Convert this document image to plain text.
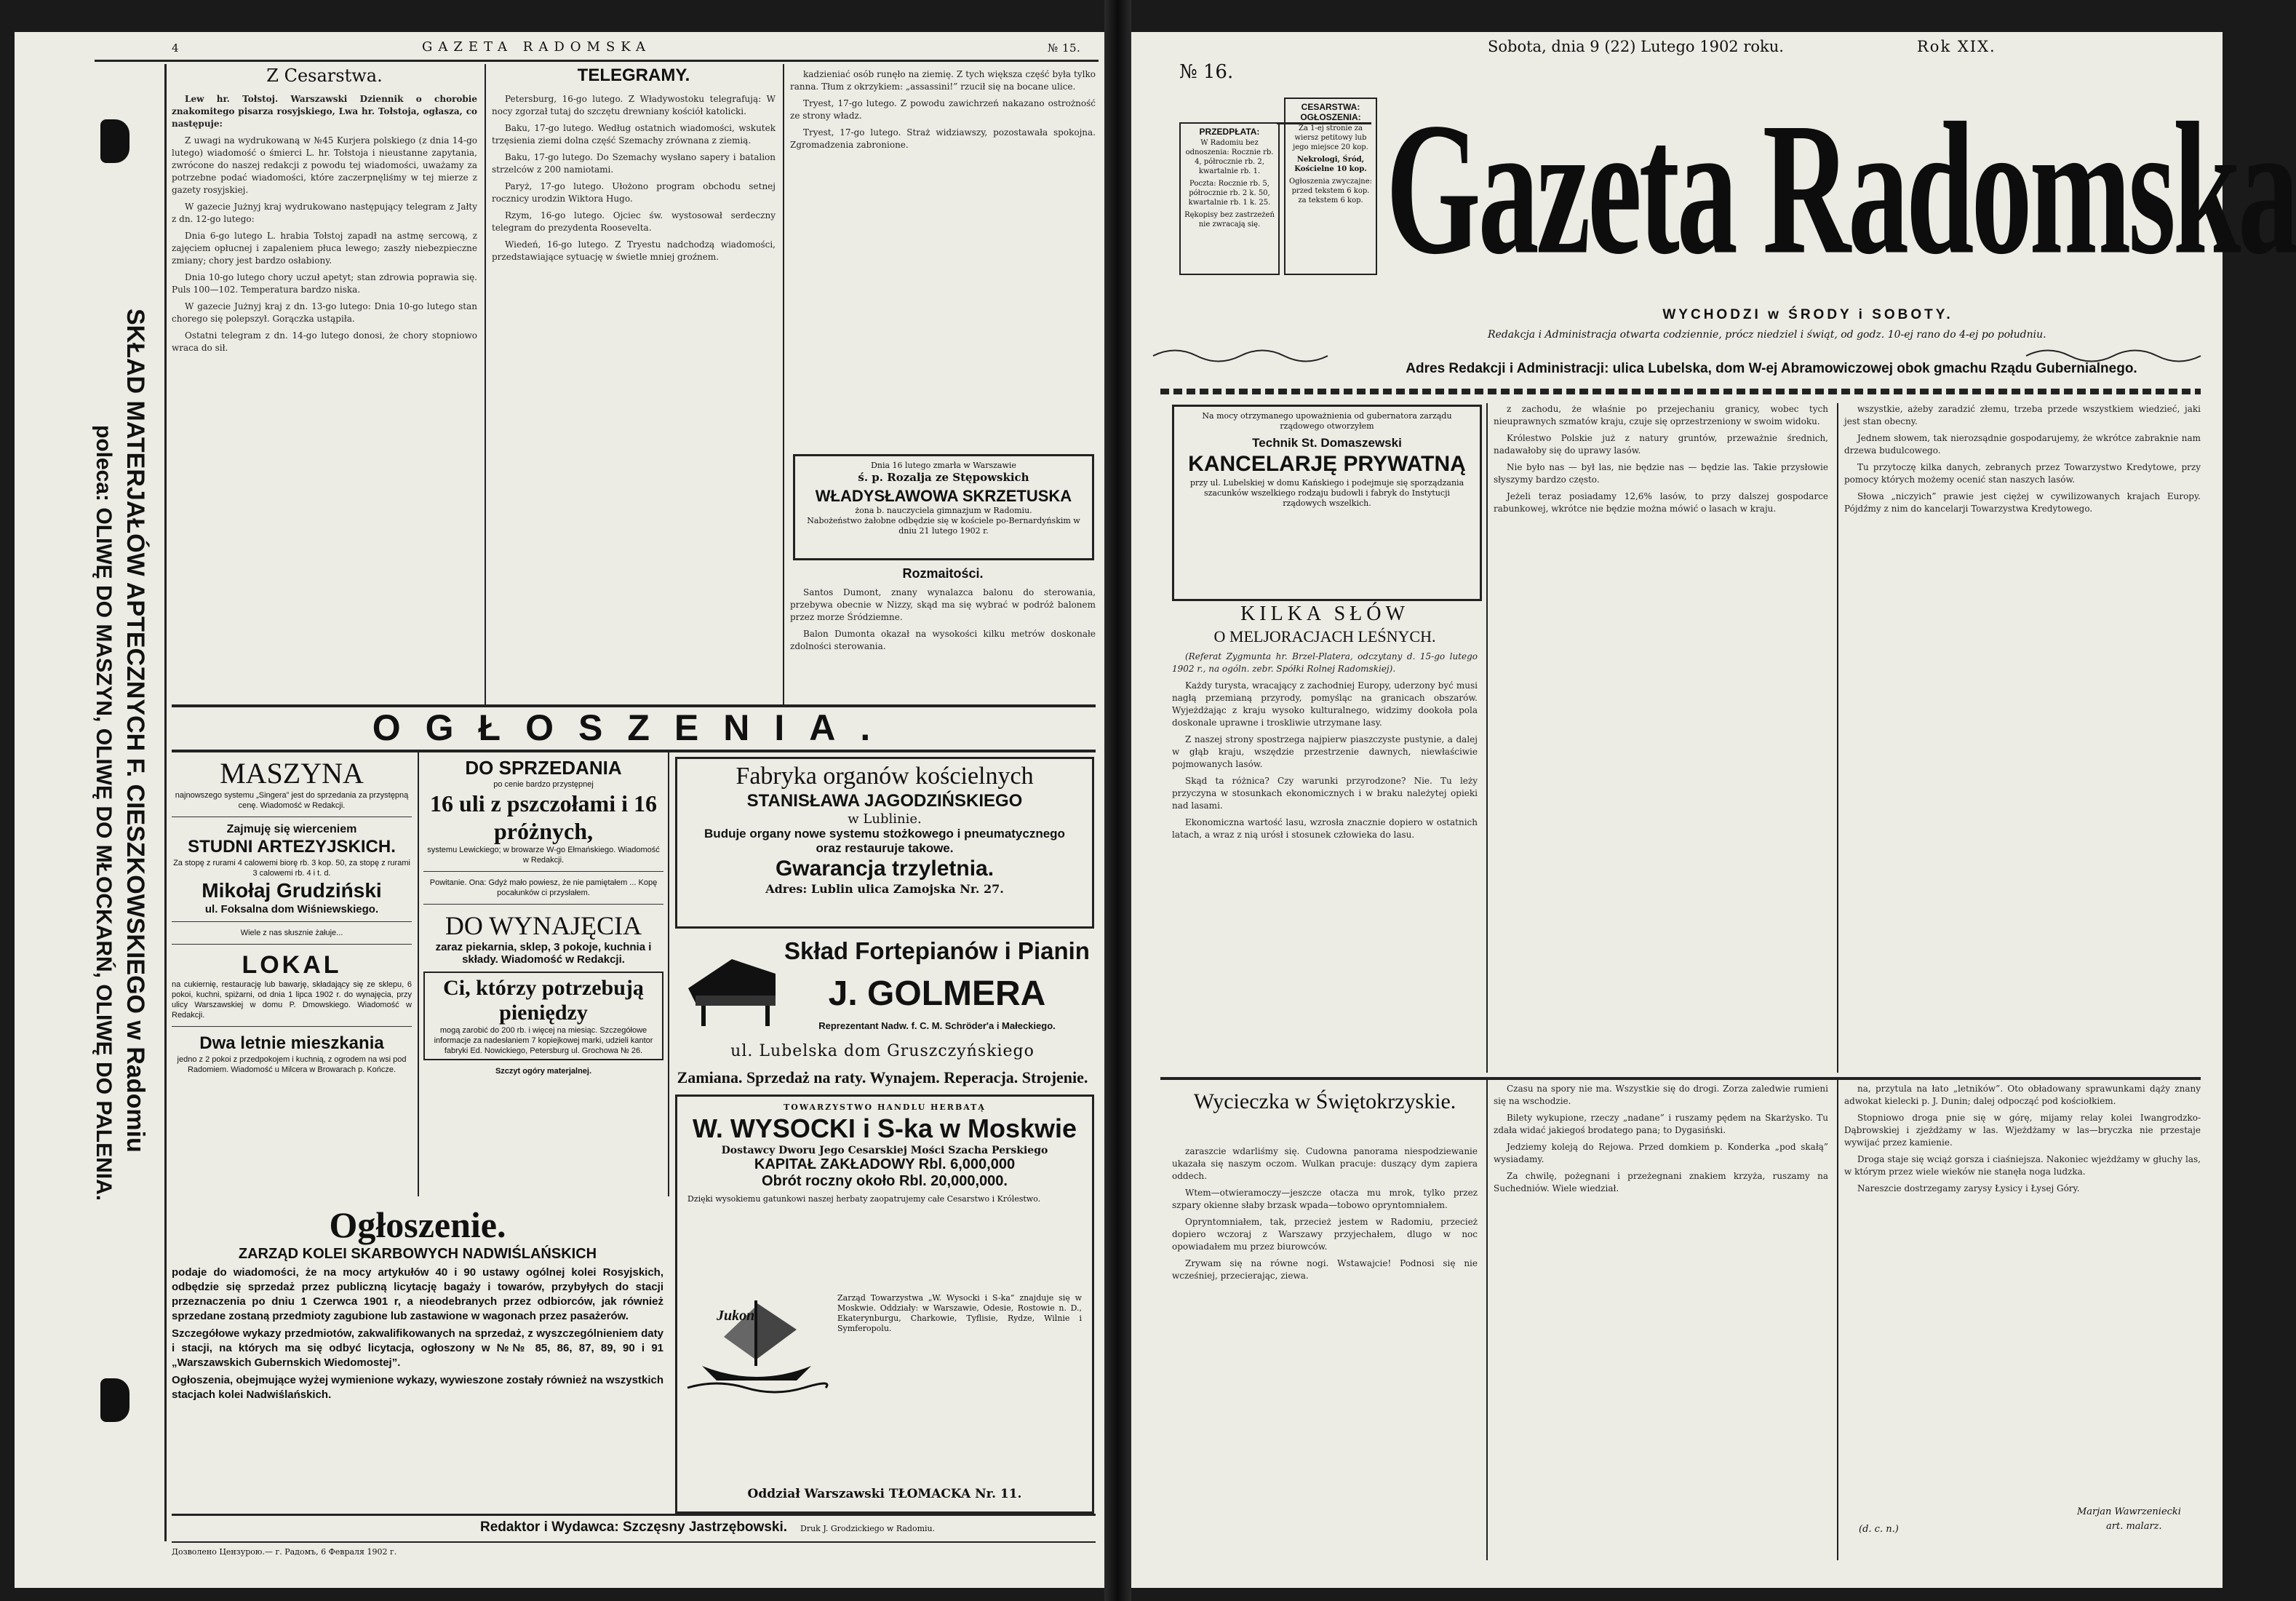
4	GAZETA RADOMSKA	№ 15.
SKŁAD MATERJAŁÓW APTECZNYCH F. CIESZKOWSKIEGO w Radomiu
poleca: OLIWĘ DO MASZYN, OLIWĘ DO MŁOCKARŃ, OLIWĘ DO PALENIA.
Z Cesarstwa.

Lew hr. Tołstoj. Warszawski Dziennik o chorobie znakomitego pisarza rosyjskiego, Lwa hr. Tołstoja, ogłasza, co następuje:

Z uwagi na wydrukowaną w №45 Kurjera polskiego (z dnia 14-go lutego) wiadomość o śmierci L. hr. Tołstoja i nieustanne zapytania, zwrócone do naszej redakcji z powodu tej wiadomości, uważamy za potrzebne podać wiadomości, które zaczerpnęliśmy w tej mierze z gazety rosyjskiej.

W gazecie Jużnyj kraj wydrukowano następujący telegram z Jałty z dn. 12-go lutego:

Dnia 6-go lutego L. hrabia Tołstoj zapadł na astmę sercową, z zajęciem opłucnej i zapaleniem płuca lewego; zaszły niebezpieczne zmiany; chory jest bardzo osłabiony.

Dnia 10-go lutego chory uczuł apetyt; stan zdrowia poprawia się. Puls 100—102. Temperatura bardzo niska.

W gazecie Jużnyj kraj z dn. 13-go lutego: Dnia 10-go lutego stan chorego się polepszył. Gorączka ustąpiła.

Ostatni telegram z dn. 14-go lutego donosi, że chory stopniowo wraca do sił.

TELEGRAMY.

Petersburg, 16-go lutego. Z Władywostoku telegrafują: W nocy zgorzał tutaj do szczętu drewniany kościół katolicki.

Baku, 17-go lutego. Według ostatnich wiadomości, wskutek trzęsienia ziemi dolna część Szemachy zrównana z ziemią.

Baku, 17-go lutego. Do Szemachy wysłano sapery i batalion strzelców z 200 namiotami.

Paryż, 17-go lutego. Ułożono program obchodu setnej rocznicy urodzin Wiktora Hugo.

Rzym, 16-go lutego. Ojciec św. wystosował serdeczny telegram do prezydenta Roosevelta.

Wiedeń, 16-go lutego. Z Tryestu nadchodzą wiadomości, przedstawiające sytuację w świetle mniej groźnem.

kadzieniać osób runęło na ziemię. Z tych większa część była tylko ranna. Tłum z okrzykiem: „assassini!” rzucił się na bocane ulice.

Tryest, 17-go lutego. Z powodu zawichrzeń nakazano ostrożność ze strony władz.

Tryest, 17-go lutego. Straż widziawszy, pozostawała spokojna. Zgromadzenia zabronione.

Dnia 16 lutego zmarła w Warszawie
ś. p. Rozalja ze Stępowskich
WŁADYSŁAWOWA SKRZETUSKA
żona b. nauczyciela gimnazjum w Radomiu.
Nabożeństwo żałobne odbędzie się w kościele po-Bernardyńskim w dniu 21 lutego 1902 r.
Rozmaitości.

Santos Dumont, znany wynalazca balonu do sterowania, przebywa obecnie w Nizzy, skąd ma się wybrać w podróż balonem przez morze Śródziemne.

Balon Dumonta okazał na wysokości kilku metrów doskonałe zdolności sterowania.

OGŁOSZENIA.
MASZYNA
najnowszego systemu „Singera” jest do sprzedania za przystępną cenę. Wiadomość w Redakcji.
Zajmuję się wierceniem
STUDNI ARTEZYJSKICH.
Za stopę z rurami 4 calowemi biorę rb. 3 kop. 50, za stopę z rurami 3 calowemi rb. 4 i t. d.
Mikołaj Grudziński
ul. Foksalna dom Wiśniewskiego.
Wiele z nas słusznie żałuje...
LOKAL
na cukiernię, restaurację lub bawarję, składający się ze sklepu, 6 pokoi, kuchni, spiżarni, od dnia 1 lipca 1902 r. do wynajęcia, przy ulicy Warszawskiej w domu P. Dmowskiego. Wiadomość w Redakcji.
Dwa letnie mieszkania
jedno z 2 pokoi z przedpokojem i kuchnią, z ogrodem na wsi pod Radomiem. Wiadomość u Milcera w Browarach p. Kończe.
DO SPRZEDANIA
po cenie bardzo przystępnej
16 uli z pszczołami i 16 próżnych,
systemu Lewickiego; w browarze W-go Ełmańskiego. Wiadomość w Redakcji.
Powitanie. Ona: Gdyż mało powiesz, że nie pamiętałem ... Kopę pocałunków ci przysłałem.
DO WYNAJĘCIA
zaraz piekarnia, sklep, 3 pokoje, kuchnia i składy. Wiadomość w Redakcji.
Ci, którzy potrzebują pieniędzy
mogą zarobić do 200 rb. i więcej na miesiąc. Szczegółowe informacje za nadesłaniem 7 kopiejkowej marki, udzieli kantor fabryki Ed. Nowickiego, Petersburg ul. Grochowa № 26.
Szczyt ogóry materjalnej.
Fabryka organów kościelnych
STANISŁAWA JAGODZIŃSKIEGO
w Lublinie.
Buduje organy nowe systemu stożkowego i pneumatycznego
oraz restauruje takowe.
Gwarancja trzyletnia.
Adres: Lublin ulica Zamojska Nr. 27.
Skład Fortepianów i Pianin
J. GOLMERA
Reprezentant Nadw. f. C. M. Schröder'a i Małeckiego.
ul. Lubelska dom Gruszczyńskiego
Zamiana. Sprzedaż na raty. Wynajem. Reperacja. Strojenie.
TOWARZYSTWO HANDLU HERBATĄ
W. WYSOCKI i S-ka w Moskwie
Dostawcy Dworu Jego Cesarskiej Mości Szacha Perskiego
KAPITAŁ ZAKŁADOWY Rbl. 6,000,000
Obrót roczny około Rbl. 20,000,000.
Dzięki wysokiemu gatunkowi naszej herbaty zaopatrujemy całe Cesarstwo i Królestwo.
Jukon
Zarząd Towarzystwa „W. Wysocki i S-ka” znajduje się w Moskwie. Oddziały: w Warszawie, Odesie, Rostowie n. D., Ekaterynburgu, Charkowie, Tyflisie, Rydze, Wilnie i Symferopolu.
Oddział Warszawski TŁOMACKA Nr. 11.
Ogłoszenie.
ZARZĄD KOLEI SKARBOWYCH NADWIŚLAŃSKICH
podaje do wiadomości, że na mocy artykułów 40 i 90 ustawy ogólnej kolei Rosyjskich, odbędzie się sprzedaż przez publiczną licytację bagaży i towarów, przybyłych do stacji przeznaczenia po dniu 1 Czerwca 1901 r, a nieodebranych przez odbiorców, jak również sprzedane zostaną przedmioty zagubione lub zastawione w wagonach przez pasażerów.
Szczegółowe wykazy przedmiotów, zakwalifikowanych na sprzedaż, z wyszczególnieniem daty i stacji, na których ma się odbyć licytacja, ogłoszony w №№ 85, 86, 87, 89, 90 i 91 „Warszawskich Gubernskich Wiedomostej”.
Ogłoszenia, obejmujące wyżej wymienione wykazy, wywieszone zostały również na wszystkich stacjach kolei Nadwiślańskich.
Redaktor i Wydawca: Szczęsny Jastrzębowski.
Дозволено Цензурою.— г. Радомъ, 6 Февраля 1902 г.
Druk J. Grodzickiego w Radomiu.
Sobota, dnia 9 (22) Lutego 1902 roku.	Rok XIX.
№ 16.
PRZEDPŁATA:
W Radomiu bez odnoszenia: Rocznie rb. 4, półrocznie rb. 2, kwartalnie rb. 1.
Poczta: Rocznie rb. 5, półrocznie rb. 2 k. 50, kwartalnie rb. 1 k. 25.
Rękopisy bez zastrzeżeń nie zwracają się.
CESARSTWA:
OGŁOSZENIA:
Za 1-ej stronie za wiersz petitowy lub jego miejsce 20 kop.
Nekrologi, Śród, Kościelne 10 kop.
Ogłoszenia zwyczajne: przed tekstem 6 kop. za tekstem 6 kop. Gazeta Radomska
WYCHODZI w ŚRODY i SOBOTY.
Redakcja i Administracja otwarta codziennie, prócz niedziel i świąt, od godz. 10-ej rano do 4-ej po południu.
Adres Redakcji i Administracji: ulica Lubelska, dom W-ej Abramowiczowej obok gmachu Rządu Gubernialnego.
Na mocy otrzymanego upoważnienia od gubernatora zarządu rządowego otworzyłem
Technik St. Domaszewski
KANCELARJĘ PRYWATNĄ
przy ul. Lubelskiej w domu Kańskiego i podejmuje się sporządzania szacunków wszelkiego rodzaju budowli i fabryk do Instytucji rządowych wszelkich.
KILKA SŁÓW
O MELJORACJACH LEŚNYCH.

(Referat Zygmunta hr. Brzel-Platera, odczytany d. 15-go lutego 1902 r., na ogóln. zebr. Spółki Rolnej Radomskiej).

Każdy turysta, wracający z zachodniej Europy, uderzony być musi nagłą przemianą przyrody, pomyśląc na granicach obszarów. Wyjeżdżając z kraju wysoko kulturalnego, widzimy dookoła pola doskonale uprawne i troskliwie utrzymane lasy.

Z naszej strony spostrzega najpierw piaszczyste pustynie, a dalej w głąb kraju, wszędzie przestrzenie dawnych, niewłaściwie pojmowanych lasów.

Skąd ta różnica? Czy warunki przyrodzone? Nie. Tu leży przyczyna w stosunkach ekonomicznych i w braku należytej opieki nad lasami.

Ekonomiczna wartość lasu, wzrosła znacznie dopiero w ostatnich latach, a wraz z nią urósł i stosunek człowieka do lasu.

z zachodu, że właśnie po przejechaniu granicy, wobec tych nieuprawnych szmatów kraju, czuje się oprzestrzeniony w swoim widoku.

Królestwo Polskie już z natury gruntów, przeważnie średnich, nadawałoby się do uprawy lasów.

Nie było nas — był las, nie będzie nas — będzie las. Takie przysłowie słyszymy bardzo często.

Jeżeli teraz posiadamy 12,6% lasów, to przy dalszej gospodarce rabunkowej, wkrótce nie będzie można mówić o lasach w kraju.

wszystkie, ażeby zaradzić złemu, trzeba przede wszystkiem wiedzieć, jaki jest stan obecny.

Jednem słowem, tak nierozsądnie gospodarujemy, że wkrótce zabraknie nam drzewa budulcowego.

Tu przytoczę kilka danych, zebranych przez Towarzystwo Kredytowe, przy pomocy których możemy ocenić stan naszych lasów.

Słowa „niczyich” prawie jest ciężej w cywilizowanych krajach Europy. Pójdźmy z nim do kancelarji Towarzystwa Kredytowego.

Wycieczka w Świętokrzyskie.

zaraszcie wdarliśmy się. Cudowna panorama niespodziewanie ukazała się naszym oczom. Wulkan pracuje: duszący dym zapiera oddech.

Wtem—otwieramoczy—jeszcze otacza mu mrok, tylko przez szpary okienne słaby brzask wpada—tobowo opryntomniałem.

Opryntomniałem, tak, przecież jestem w Radomiu, przecież dopiero wczoraj z Warszawy przyjechałem, dlugo w noc opowiadałem mu przez biurowców.

Zrywam się na równe nogi. Wstawajcie! Podnosi się nie wcześniej, przecierając, ziewa.

Czasu na spory nie ma. Wszystkie się do drogi. Zorza zaledwie rumieni się na wschodzie.

Bilety wykupione, rzeczy „nadane” i ruszamy pędem na Skarżysko. Tu zdała widać jakiegoś brodatego pana; to Dygasiński.

Jedziemy koleją do Rejowa. Przed domkiem p. Konderka „pod skałą” wysiadamy.

Za chwilę, pożegnani i przeżegnani znakiem krzyża, ruszamy na Suchedniów. Wiele wiedział.

na, przytula na łato „letników”. Oto obładowany sprawunkami dąży znany adwokat kielecki p. J. Dunin; dalej odpocząć pod kościołkiem.

Stopniowo droga pnie się w górę, mijamy relay kolei Iwangrodzko-Dąbrowskiej i zjeżdżamy w las. Wjeżdżamy w las—bryczka nie przestaje wywijać przez kamienie.

Droga staje się wciąż gorsza i ciaśniejsza. Nakoniec wjeżdżamy w głuchy las, w którym przez wiele wieków nie stanęła noga ludzka.

Nareszcie dostrzegamy zarysy Łysicy i Łysej Góry.

Marjan Wawrzeniecki
art. malarz.
(d. c. n.)
